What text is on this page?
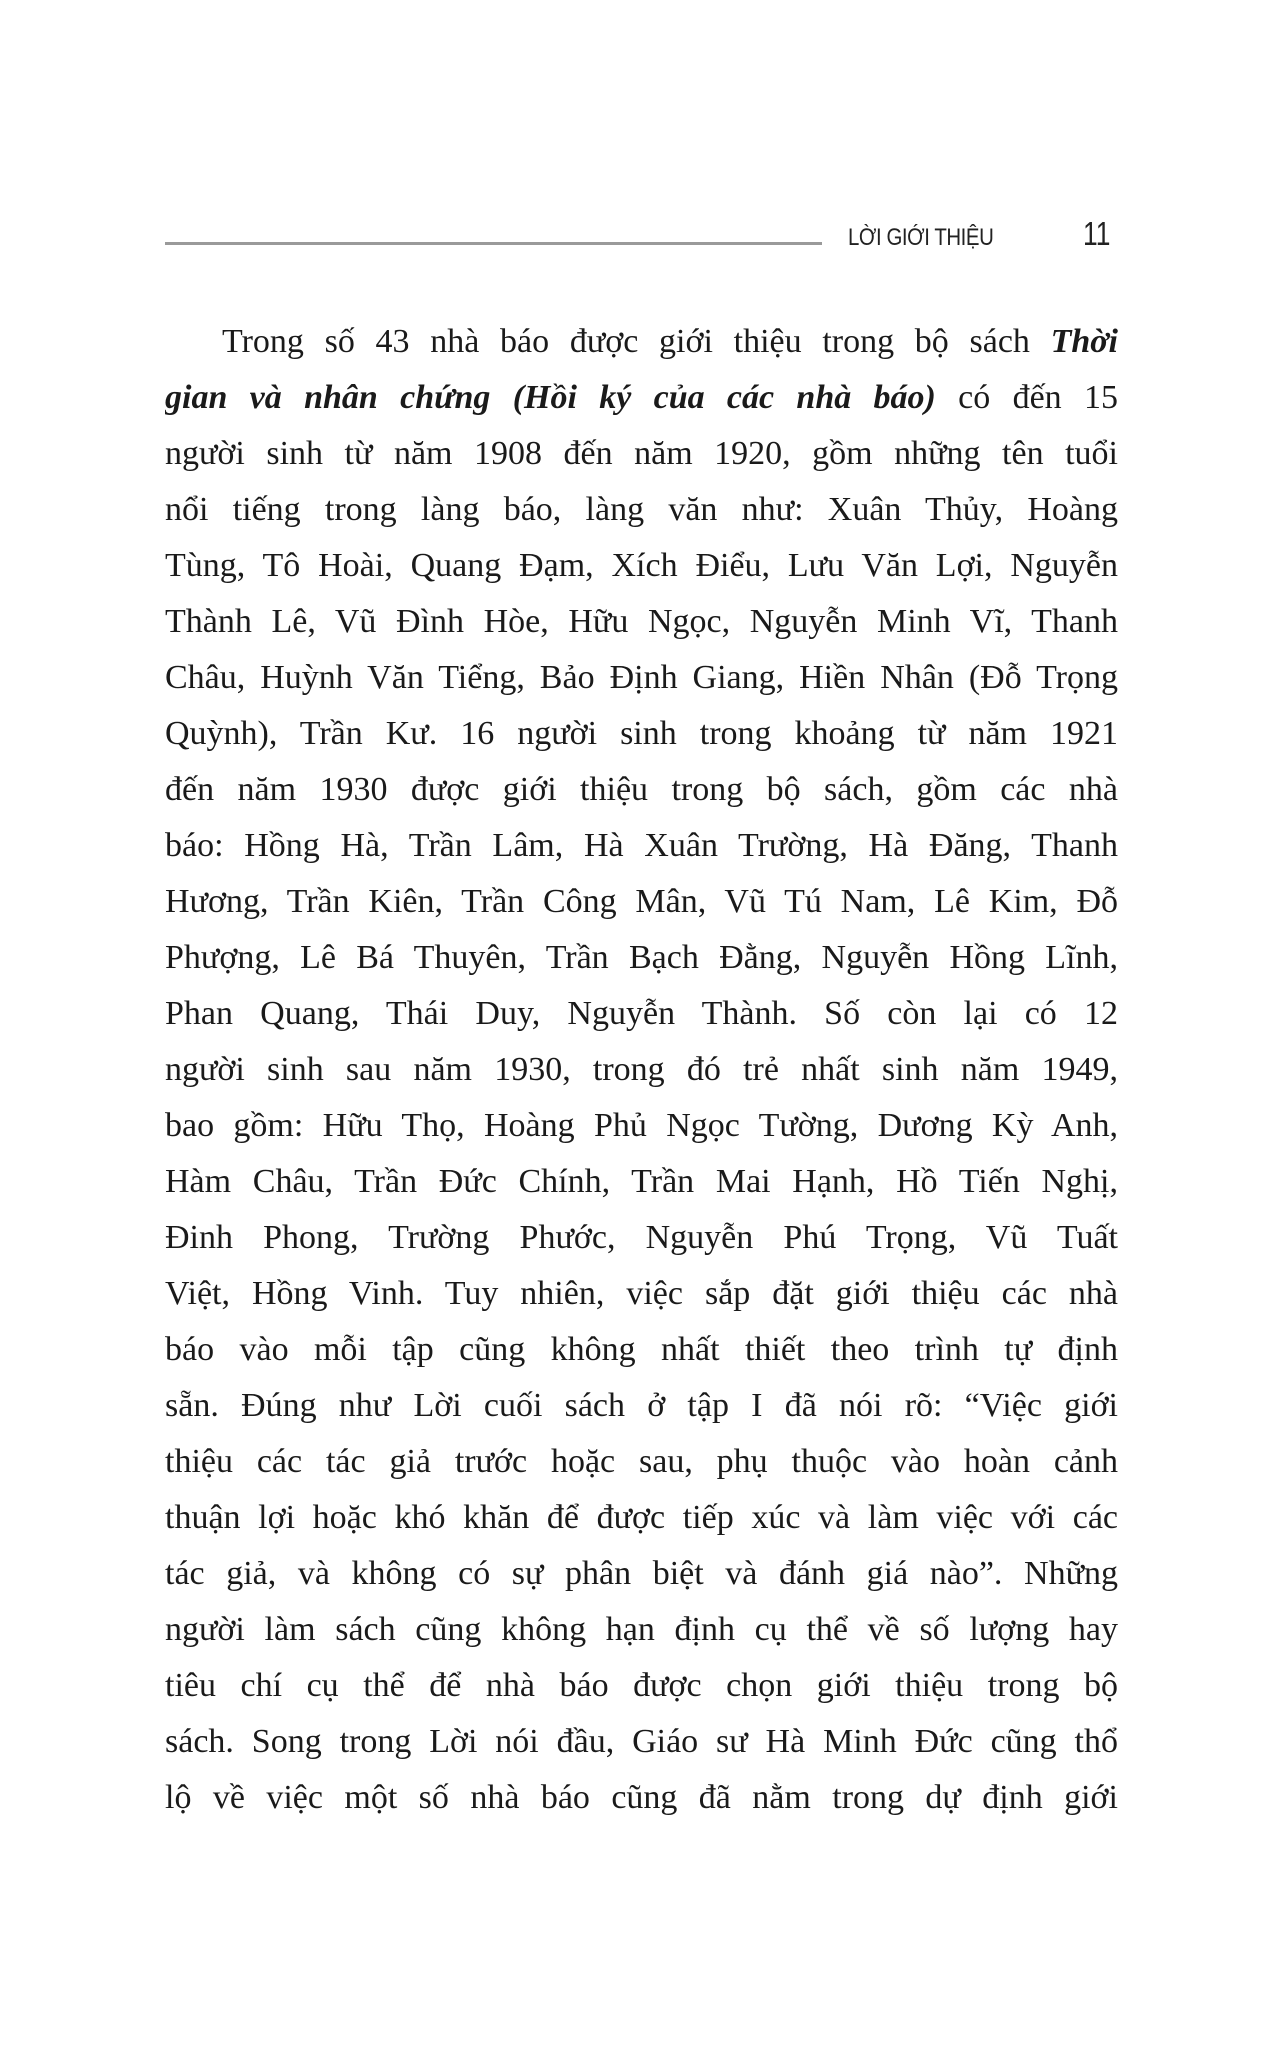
LỜI GIỚI THIỆU	11
Trong số 43 nhà báo được giới thiệu trong bộ sách Thời
gian và nhân chứng (Hồi ký của các nhà báo) có đến 15
người sinh từ năm 1908 đến năm 1920, gồm những tên tuổi
nổi tiếng trong làng báo, làng văn như: Xuân Thủy, Hoàng
Tùng, Tô Hoài, Quang Đạm, Xích Điểu, Lưu Văn Lợi, Nguyễn
Thành Lê, Vũ Đình Hòe, Hữu Ngọc, Nguyễn Minh Vĩ, Thanh
Châu, Huỳnh Văn Tiểng, Bảo Định Giang, Hiền Nhân (Đỗ Trọng
Quỳnh), Trần Kư. 16 người sinh trong khoảng từ năm 1921
đến năm 1930 được giới thiệu trong bộ sách, gồm các nhà
báo: Hồng Hà, Trần Lâm, Hà Xuân Trường, Hà Đăng, Thanh
Hương, Trần Kiên, Trần Công Mân, Vũ Tú Nam, Lê Kim, Đỗ
Phượng, Lê Bá Thuyên, Trần Bạch Đằng, Nguyễn Hồng Lĩnh,
Phan Quang, Thái Duy, Nguyễn Thành. Số còn lại có 12
người sinh sau năm 1930, trong đó trẻ nhất sinh năm 1949,
bao gồm: Hữu Thọ, Hoàng Phủ Ngọc Tường, Dương Kỳ Anh,
Hàm Châu, Trần Đức Chính, Trần Mai Hạnh, Hồ Tiến Nghị,
Đinh Phong, Trường Phước, Nguyễn Phú Trọng, Vũ Tuất
Việt, Hồng Vinh. Tuy nhiên, việc sắp đặt giới thiệu các nhà
báo vào mỗi tập cũng không nhất thiết theo trình tự định
sẵn. Đúng như Lời cuối sách ở tập I đã nói rõ: “Việc giới
thiệu các tác giả trước hoặc sau, phụ thuộc vào hoàn cảnh
thuận lợi hoặc khó khăn để được tiếp xúc và làm việc với các
tác giả, và không có sự phân biệt và đánh giá nào”. Những
người làm sách cũng không hạn định cụ thể về số lượng hay
tiêu chí cụ thể để nhà báo được chọn giới thiệu trong bộ
sách. Song trong Lời nói đầu, Giáo sư Hà Minh Đức cũng thổ
lộ về việc một số nhà báo cũng đã nằm trong dự định giới
